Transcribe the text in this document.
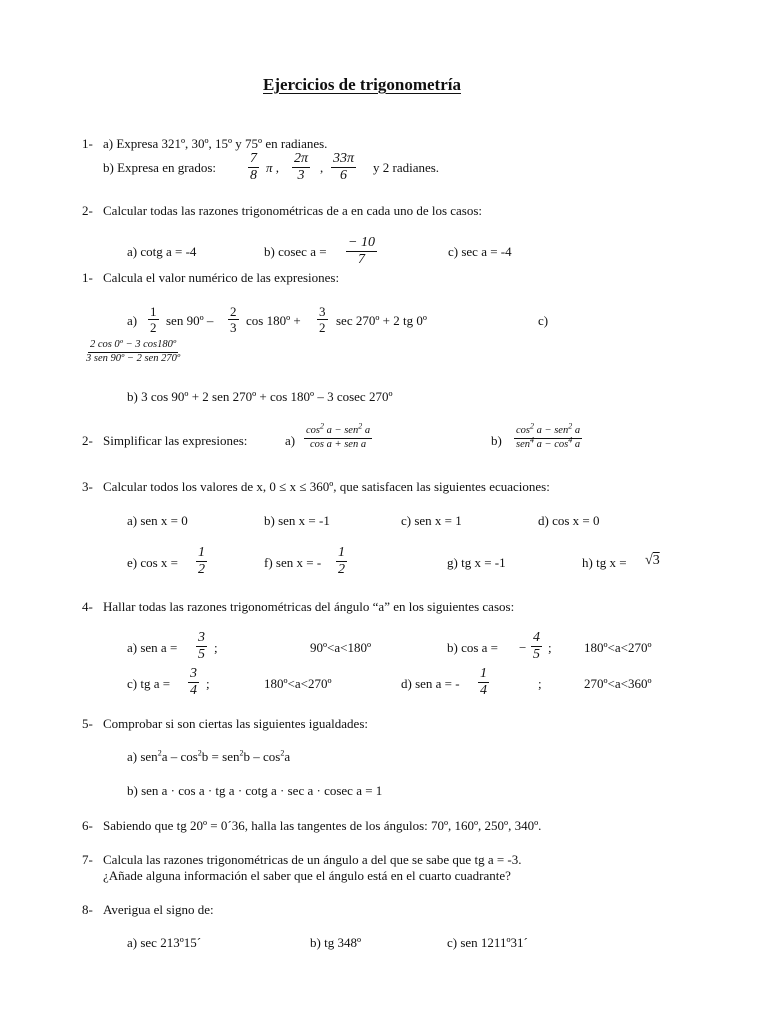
Ejercicios de trigonometría
1- a) Expresa 321º, 30º, 15º y 75º en radianes.
b) Expresa en grados: $\frac{7}{8}$ π , $\frac{2\pi}{3}$ , $\frac{33\pi}{6}$ y 2 radianes.
2- Calcular todas las razones trigonométricas de a en cada uno de los casos:
a) cotg a = -4	b) cosec $a = \frac{- 10}{7}$	c) sec a = -4
1- Calcula el valor numérico de las expresiones:
$a) \frac{1}{2}$ sen 90º – $\frac{2}{3}$ cos 180º + $\frac{3}{2}$ sec 270º + 2 tg 0º	c)
2 cos 0º − 3 cos180º
3 sen 90º − 2 sen 270º
b) 3 cos 90º + 2 sen 270º + cos 180º – 3 cosec 270º
2- Simplificar las expresiones:	a)
$\cos^2 a - sen^2$ a
cos a + sen a	b)
$\cos^2 a - sen^2$ a
sen$^4$ $a - \cos^4 a$
3- Calcular todos los valores de x, 0 ≤ x ≤ 360º, que satisfacen las siguientes ecuaciones:
a) sen x = 0	b) sen x = -1	c) sen x = 1	d) cos x = 0
e) $\cos x = \frac{1}{2}$	f) sen x = - $\frac{1}{2}$	g) tg x = -1	h) tg x = √3
4- Hallar todas las razones trigonométricas del ángulo “a” en los siguientes casos:
a) sen $a = \frac{3}{5}$ ;	90º<a<180º	b) cos a = − $\frac{4}{5}$ ; 180º<a<270º
c) tg $a = \frac{3}{4}$ ;	180º<a<270º	d) sen a = - $\frac{1}{4}$	;	270º<a<360º
5- Comprobar si son ciertas las siguientes igualdades:
a) $sen^2a - \cos^2b = sen^2b - \cos^2a$
b) sen a · cos a · tg a · cotg a · sec a · cosec a = 1
6- Sabiendo que tg 20º = 0´36, halla las tangentes de los ángulos: 70º, 160º, 250º, 340º.
7- Calcula las razones trigonométricas de un ángulo a del que se sabe que tg a = -3.
¿Añade alguna información el saber que el ángulo está en el cuarto cuadrante?
8- Averigua el signo de:
a) sec 213º15´	b) tg 348º	c) sen 1211º31´
